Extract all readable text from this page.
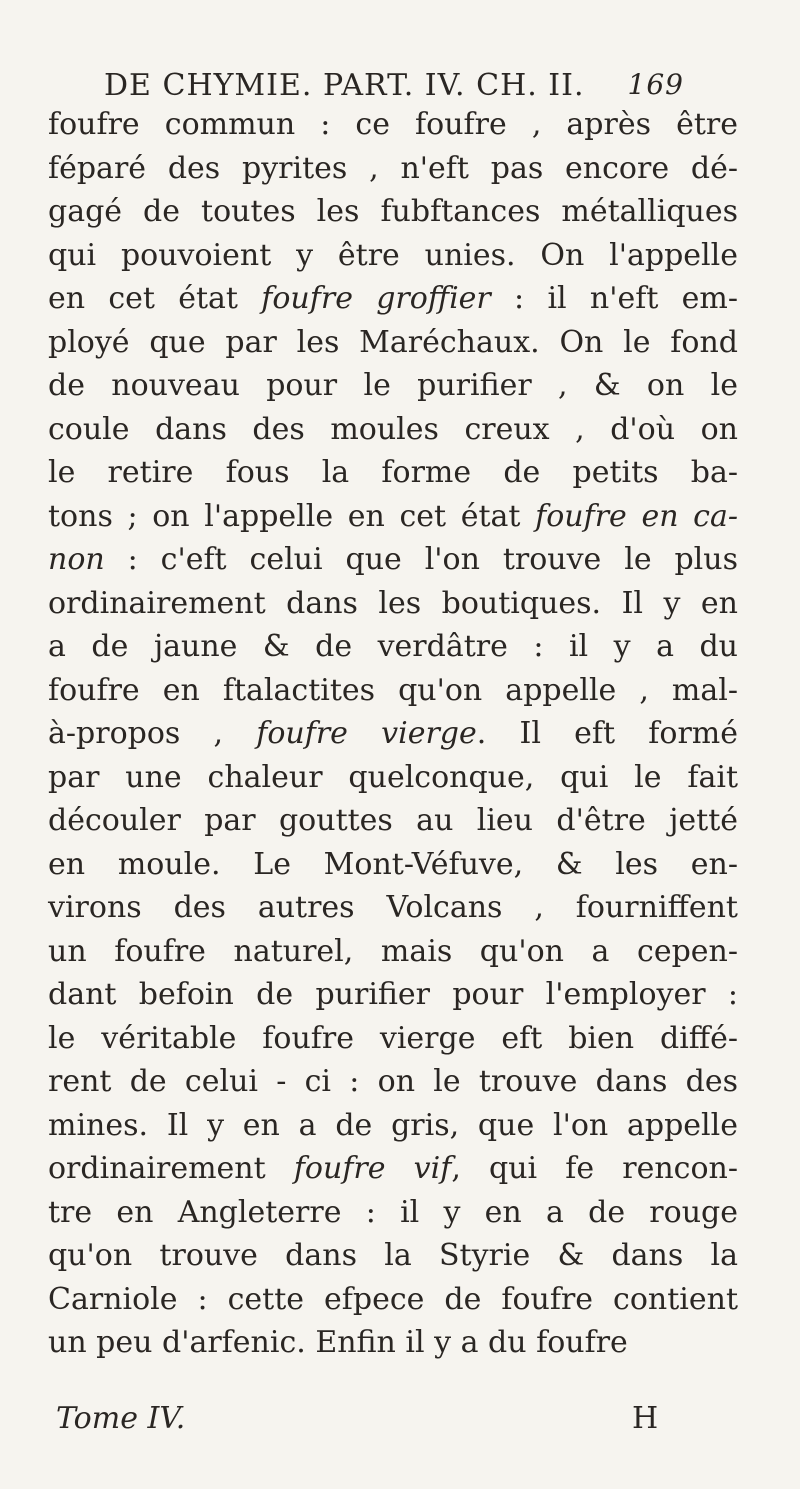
DE CHYMIE. PART. IV. CH. II. 169
foufre commun : ce foufre , après être
féparé des pyrites , n'eft pas encore dé-
gagé de toutes les fubftances métalliques
qui pouvoient y être unies. On l'appelle
en cet état foufre groffier : il n'eft em-
ployé que par les Maréchaux. On le fond
de nouveau pour le purifier , & on le
coule dans des moules creux , d'où on
le retire fous la forme de petits ba-
tons ; on l'appelle en cet état foufre en ca-
non : c'eft celui que l'on trouve le plus
ordinairement dans les boutiques. Il y en
a de jaune & de verdâtre : il y a du
foufre en ftalactites qu'on appelle , mal-
à-propos , foufre vierge. Il eft formé
par une chaleur quelconque, qui le fait
découler par gouttes au lieu d'être jetté
en moule. Le Mont-Véfuve, & les en-
virons des autres Volcans , fourniffent
un foufre naturel, mais qu'on a cepen-
dant befoin de purifier pour l'employer :
le véritable foufre vierge eft bien diffé-
rent de celui - ci : on le trouve dans des
mines. Il y en a de gris, que l'on appelle
ordinairement foufre vif, qui fe rencon-
tre en Angleterre : il y en a de rouge
qu'on trouve dans la Styrie & dans la
Carniole : cette efpece de foufre contient
un peu d'arfenic. Enfin il y a du foufre
Tome IV.	H
